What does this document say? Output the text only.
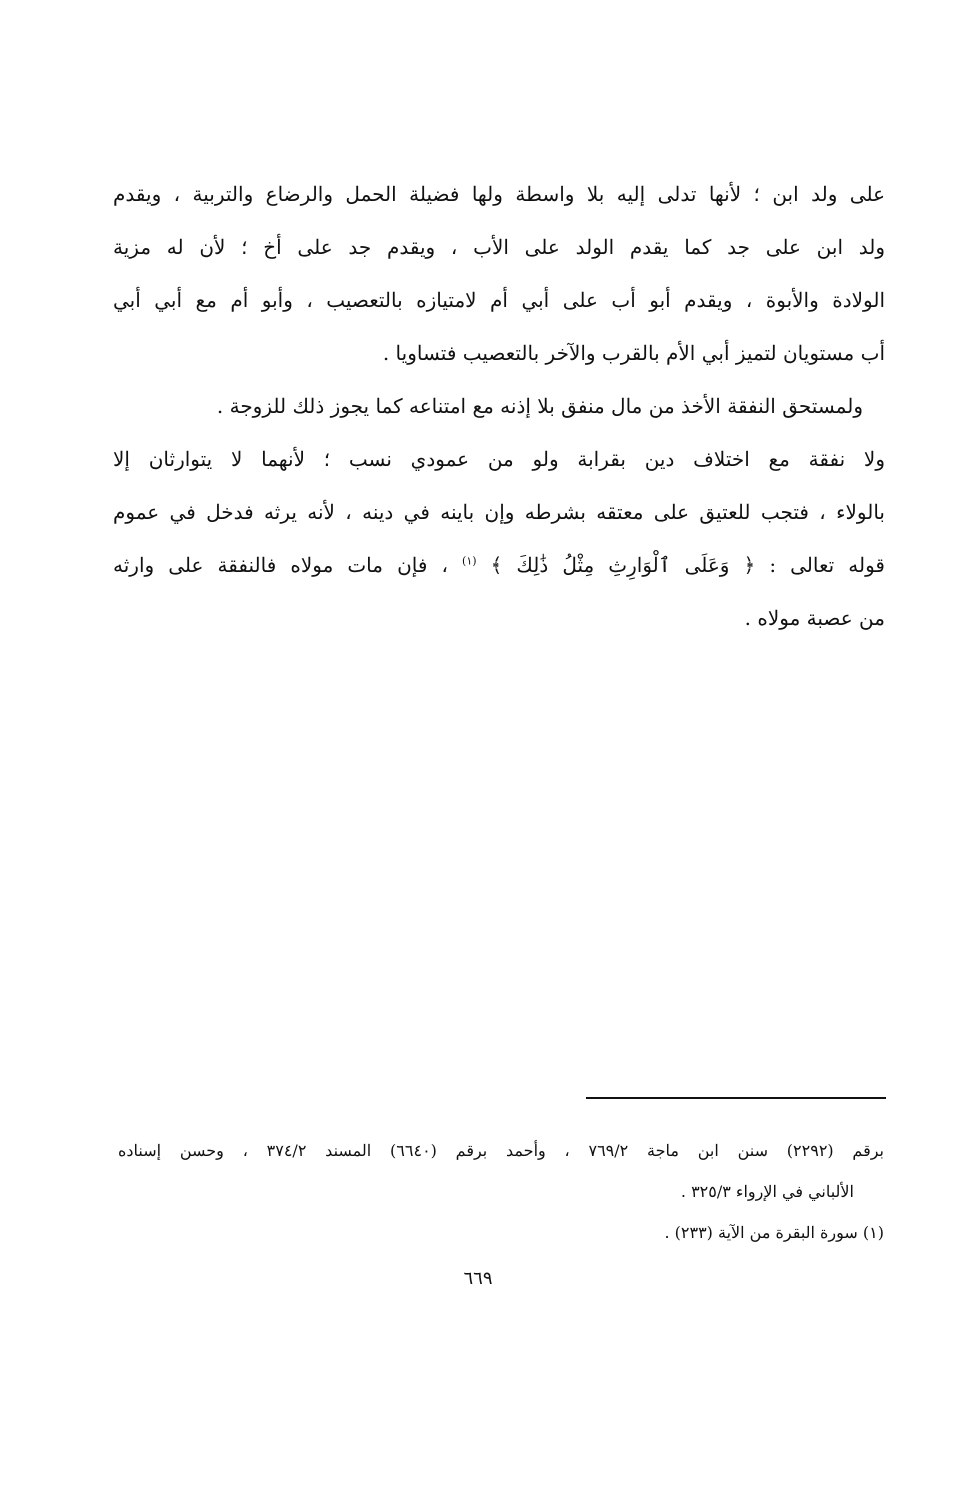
على ولد ابن ؛ لأنها تدلى إليه بلا واسطة ولها فضيلة الحمل والرضاع والتربية ، ويقدم
ولد ابن على جد كما يقدم الولد على الأب ، ويقدم جد على أخ ؛ لأن له مزية
الولادة والأبوة ، ويقدم أبو أب على أبي أم لامتيازه بالتعصيب ، وأبو أم مع أبي أبي
أب مستويان لتميز أبي الأم بالقرب والآخر بالتعصيب فتساويا .
ولمستحق النفقة الأخذ من مال منفق بلا إذنه مع امتناعه كما يجوز ذلك للزوجة .
ولا نفقة مع اختلاف دين بقرابة ولو من عمودي نسب ؛ لأنهما لا يتوارثان إلا
بالولاء ، فتجب للعتيق على معتقه بشرطه وإن باينه في دينه ، لأنه يرثه فدخل في عموم
قوله تعالى : ﴿ وَعَلَى ٱلْوَارِثِ مِثْلُ ذَٰلِكَ ﴾ $^{(١)}$ ، فإن مات مولاه فالنفقة على وارثه
من عصبة مولاه .
برقم (٢٢٩٢) سنن ابن ماجة ٧٦٩/٢ ، وأحمد برقم (٦٦٤٠) المسند ٣٧٤/٢ ، وحسن إسناده
الألباني في الإرواء ٣٢٥/٣ .
(١) سورة البقرة من الآية (٢٣٣) .
٦٦٩
